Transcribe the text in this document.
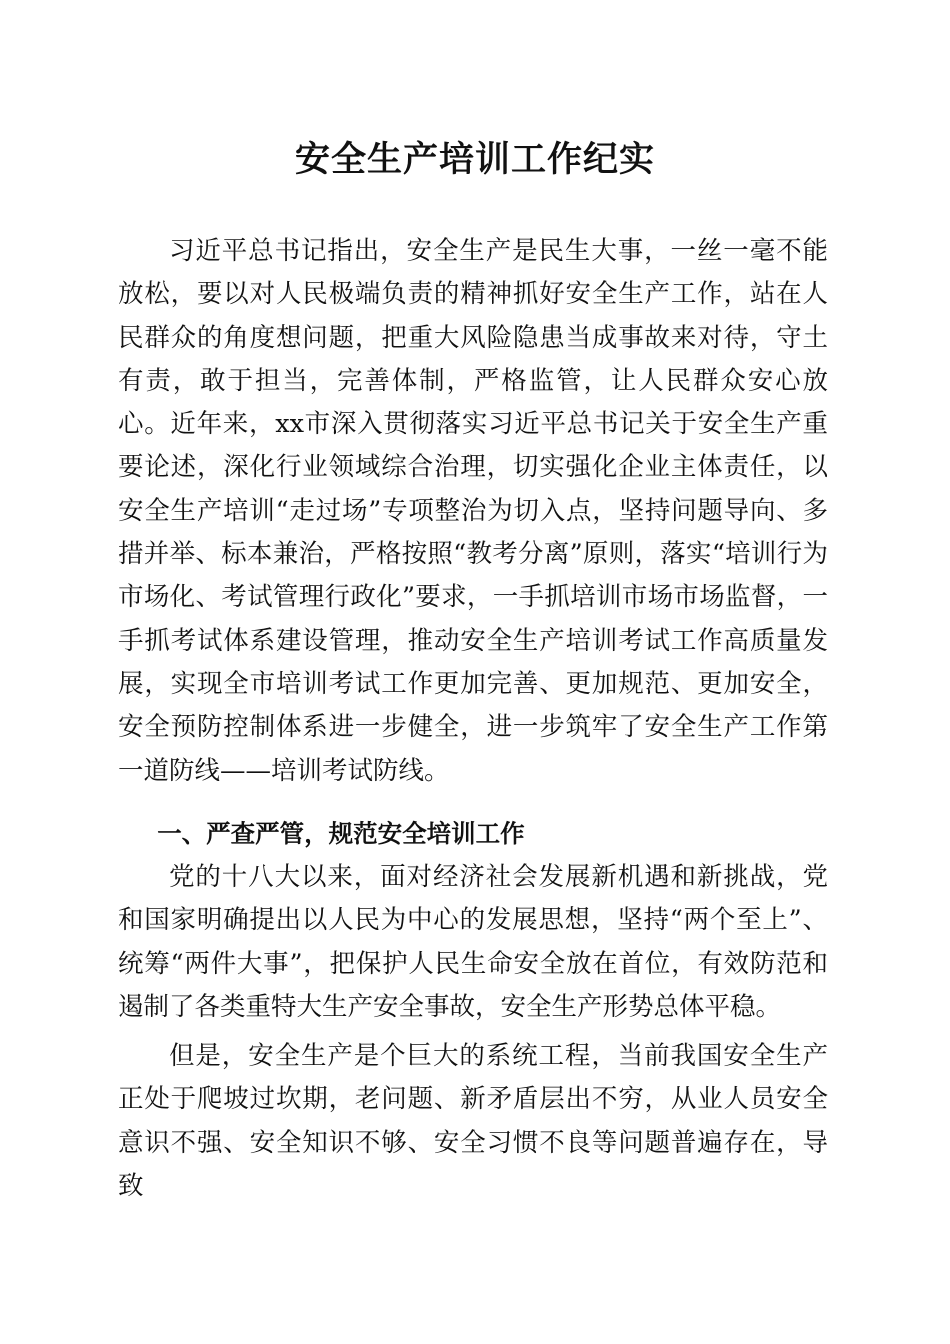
安全生产培训工作纪实

习近平总书记指出，安全生产是民生大事，一丝一毫不能放松，要以对人民极端负责的精神抓好安全生产工作，站在人民群众的角度想问题，把重大风险隐患当成事故来对待，守土有责，敢于担当，完善体制，严格监管，让人民群众安心放心。近年来，xx市深入贯彻落实习近平总书记关于安全生产重要论述，深化行业领域综合治理，切实强化企业主体责任，以安全生产培训“走过场”专项整治为切入点，坚持问题导向、多措并举、标本兼治，严格按照“教考分离”原则，落实“培训行为市场化、考试管理行政化”要求，一手抓培训市场市场监督，一手抓考试体系建设管理，推动安全生产培训考试工作高质量发展，实现全市培训考试工作更加完善、更加规范、更加安全，安全预防控制体系进一步健全，进一步筑牢了安全生产工作第一道防线——培训考试防线。

一、严查严管，规范安全培训工作

党的十八大以来，面对经济社会发展新机遇和新挑战，党和国家明确提出以人民为中心的发展思想，坚持“两个至上”、统筹“两件大事”，把保护人民生命安全放在首位，有效防范和遏制了各类重特大生产安全事故，安全生产形势总体平稳。

但是，安全生产是个巨大的系统工程，当前我国安全生产正处于爬坡过坎期，老问题、新矛盾层出不穷，从业人员安全意识不强、安全知识不够、安全习惯不良等问题普遍存在，导致
